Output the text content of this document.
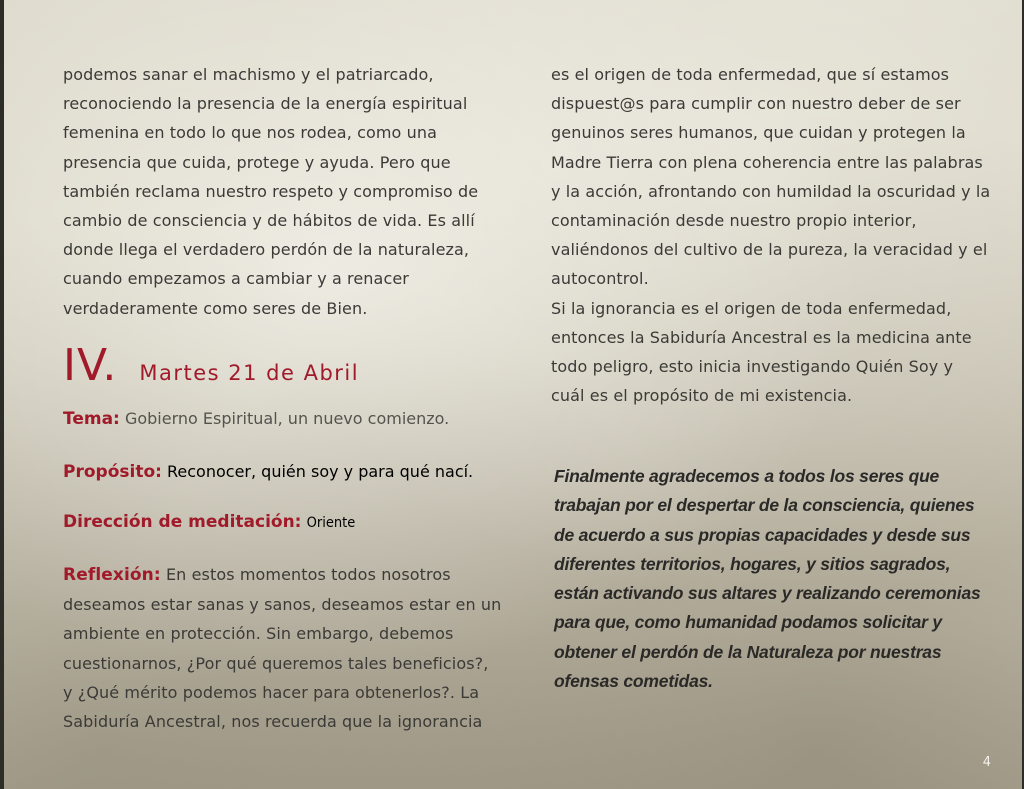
podemos sanar el machismo y el patriarcado, reconociendo la presencia de la energía espiritual femenina en todo lo que nos rodea, como una presencia que cuida, protege y ayuda. Pero que también reclama nuestro respeto y compromiso de cambio de consciencia y de hábitos de vida. Es allí donde llega el verdadero perdón de la naturaleza, cuando empezamos a cambiar y a renacer verdaderamente como seres de Bien.

IV. Martes 21 de Abril
Tema: Gobierno Espiritual, un nuevo comienzo.
Propósito: Reconocer, quién soy y para qué nací.
Dirección de meditación: Oriente

Reflexión: En estos momentos todos nosotros deseamos estar sanas y sanos, deseamos estar en un ambiente en protección. Sin embargo, debemos cuestionarnos, ¿Por qué queremos tales beneficios?, y ¿Qué mérito podemos hacer para obtenerlos?. La Sabiduría Ancestral, nos recuerda que la ignorancia

es el origen de toda enfermedad, que sí estamos dispuest@s para cumplir con nuestro deber de ser genuinos seres humanos, que cuidan y protegen la Madre Tierra con plena coherencia entre las palabras y la acción, afrontando con humildad la oscuridad y la contaminación desde nuestro propio interior, valiéndonos del cultivo de la pureza, la veracidad y el autocontrol.

Si la ignorancia es el origen de toda enfermedad, entonces la Sabiduría Ancestral es la medicina ante todo peligro, esto inicia investigando Quién Soy y cuál es el propósito de mi existencia.

Finalmente agradecemos a todos los seres que trabajan por el despertar de la consciencia, quienes de acuerdo a sus propias capacidades y desde sus diferentes territorios, hogares, y sitios sagrados, están activando sus altares y realizando ceremonias para que, como humanidad podamos solicitar y obtener el perdón de la Naturaleza por nuestras ofensas cometidas.

4
